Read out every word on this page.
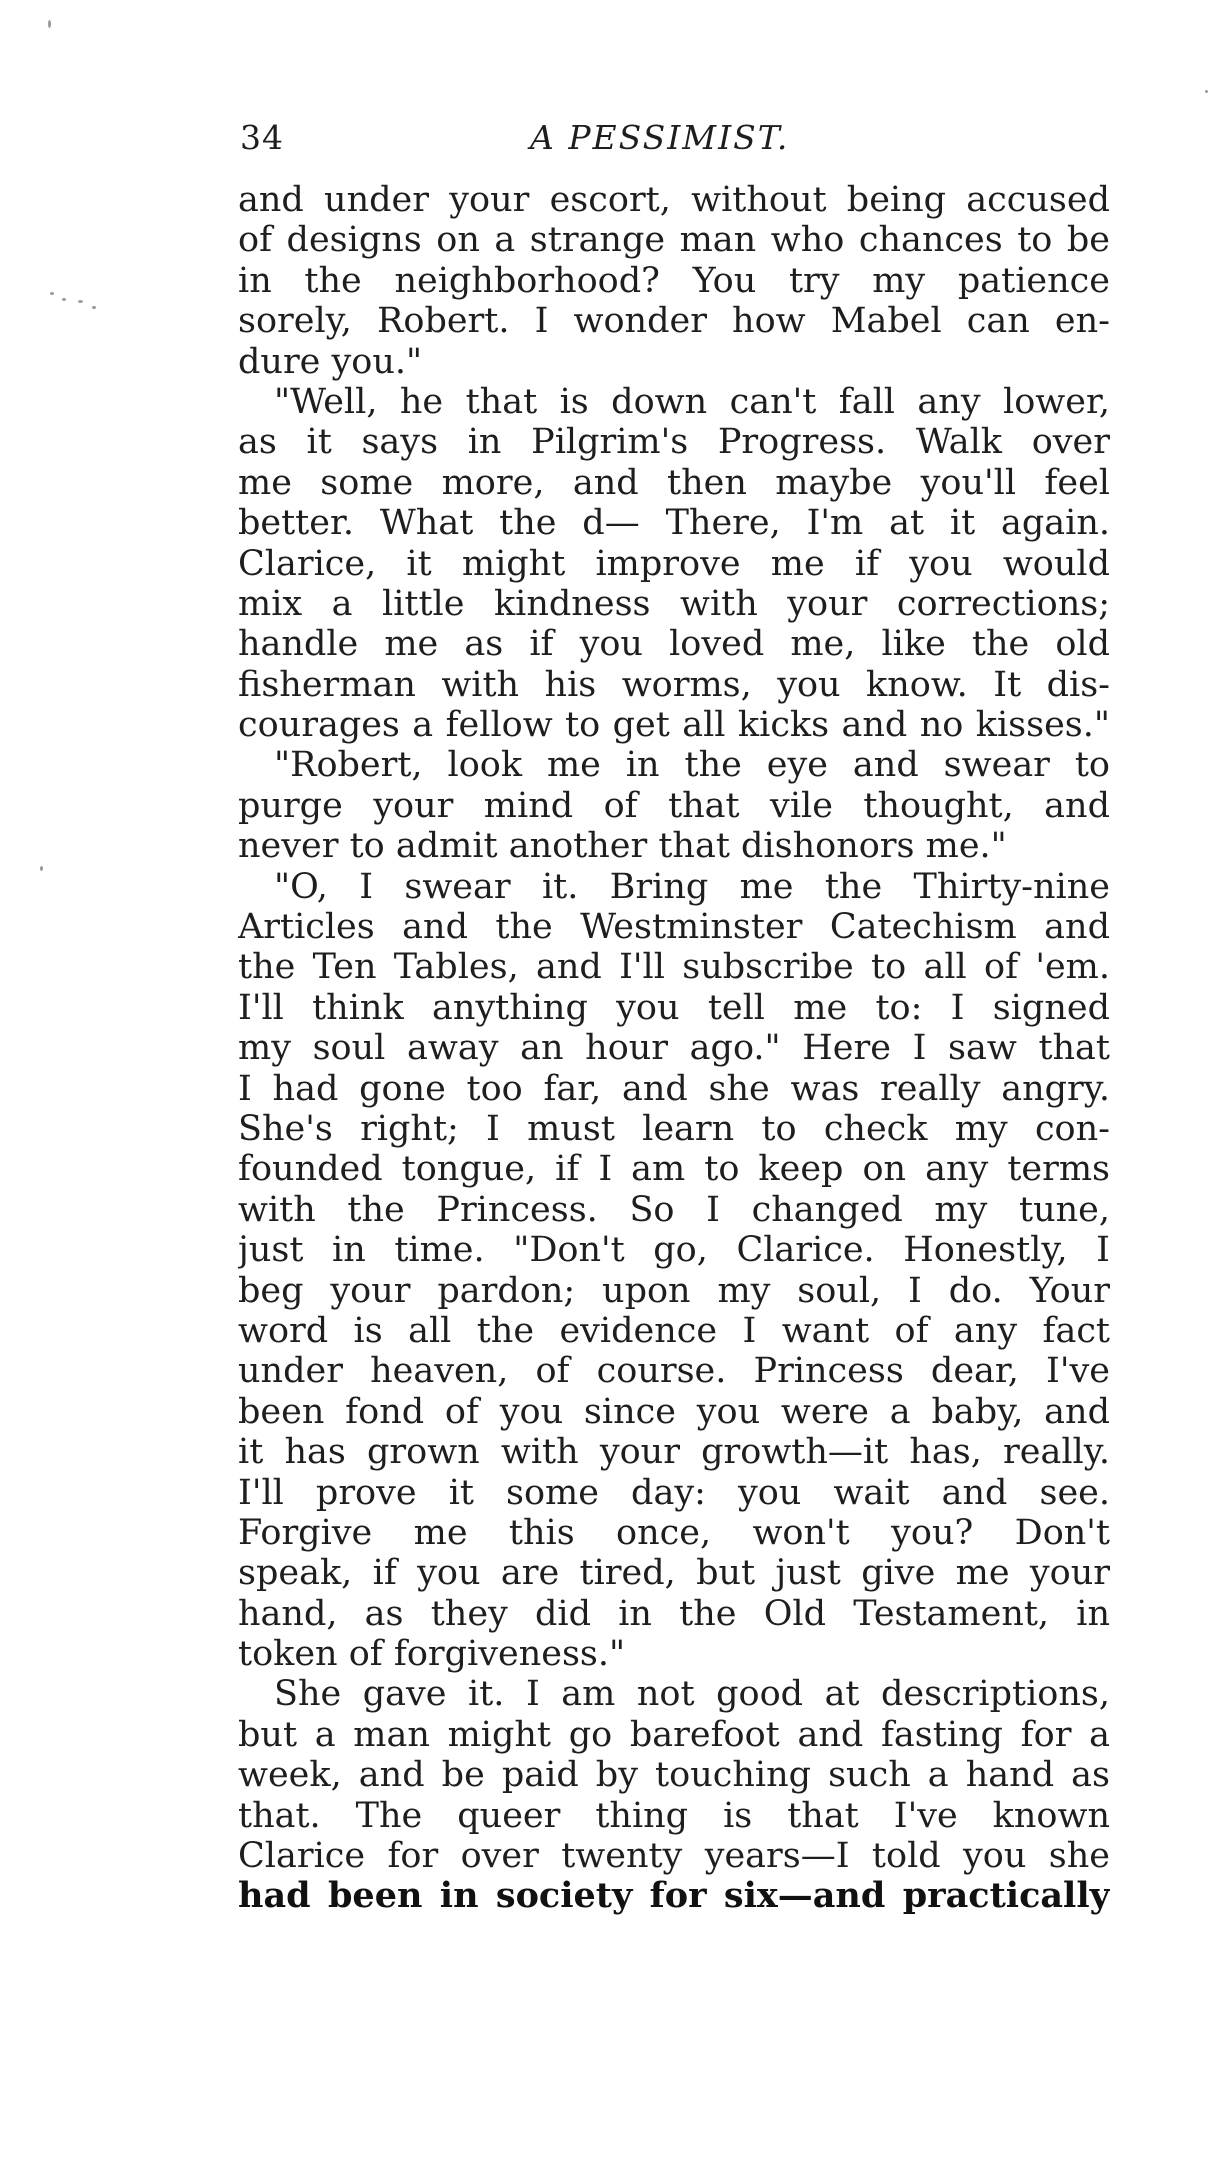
34	A PESSIMIST.
and under your escort, without being accused
of designs on a strange man who chances to be
in the neighborhood? You try my patience
sorely, Robert. I wonder how Mabel can en-
dure you."
"Well, he that is down can't fall any lower,
as it says in Pilgrim's Progress. Walk over
me some more, and then maybe you'll feel
better. What the d— There, I'm at it again.
Clarice, it might improve me if you would
mix a little kindness with your corrections;
handle me as if you loved me, like the old
fisherman with his worms, you know. It dis-
courages a fellow to get all kicks and no kisses."
"Robert, look me in the eye and swear to
purge your mind of that vile thought, and
never to admit another that dishonors me."
"O, I swear it. Bring me the Thirty-nine
Articles and the Westminster Catechism and
the Ten Tables, and I'll subscribe to all of 'em.
I'll think anything you tell me to: I signed
my soul away an hour ago." Here I saw that
I had gone too far, and she was really angry.
She's right; I must learn to check my con-
founded tongue, if I am to keep on any terms
with the Princess. So I changed my tune,
just in time. "Don't go, Clarice. Honestly, I
beg your pardon; upon my soul, I do. Your
word is all the evidence I want of any fact
under heaven, of course. Princess dear, I've
been fond of you since you were a baby, and
it has grown with your growth—it has, really.
I'll prove it some day: you wait and see.
Forgive me this once, won't you? Don't
speak, if you are tired, but just give me your
hand, as they did in the Old Testament, in
token of forgiveness."
She gave it. I am not good at descriptions,
but a man might go barefoot and fasting for a
week, and be paid by touching such a hand as
that. The queer thing is that I've known
Clarice for over twenty years—I told you she
had been in society for six—and practically
